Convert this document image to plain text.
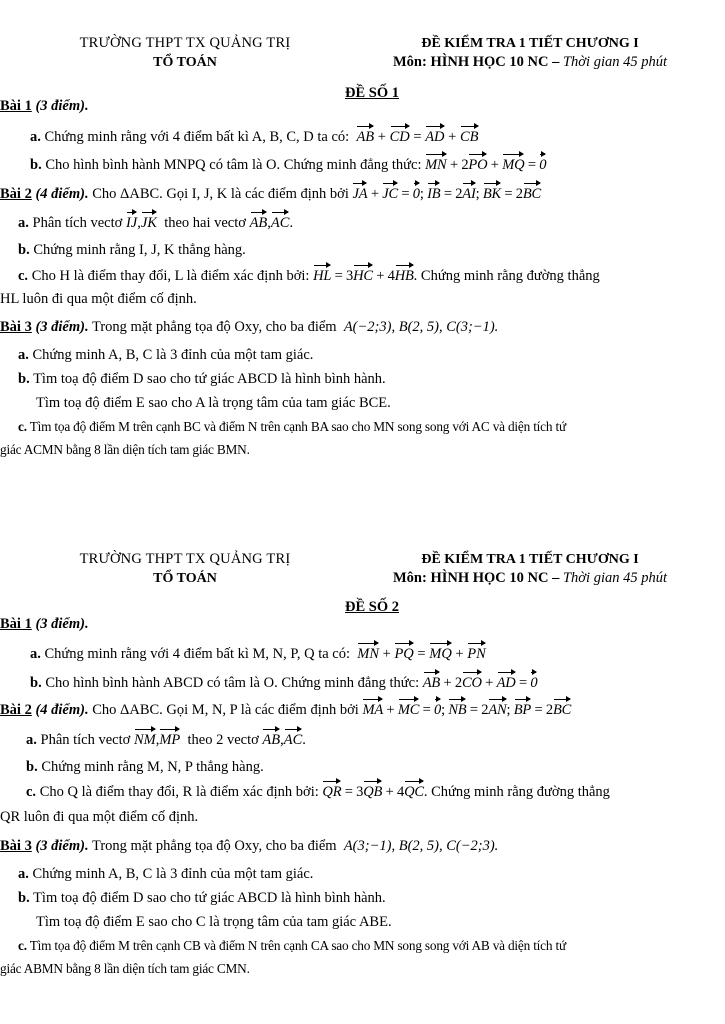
TRƯỜNG THPT TX QUẢNG TRỊ
TỔ TOÁN
ĐỀ KIỂM TRA 1 TIẾT CHƯƠNG I
Môn: HÌNH HỌC 10 NC – Thời gian 45 phút
ĐỀ SỐ 1
Bài 1 (3 điểm).
a. Chứng minh rằng với 4 điểm bất kì A, B, C, D ta có: AB + CD = AD + CB
b. Cho hình bình hành MNPQ có tâm là O. Chứng minh đẳng thức: MN + 2PO + MQ = 0
Bài 2 (4 điểm). Cho ΔABC. Gọi I, J, K là các điểm định bởi JA + JC = 0; IB = 2AI; BK = 2BC
a. Phân tích vectơ IJ,JK theo hai vectơ AB,AC.
b. Chứng minh rằng I, J, K thẳng hàng.
c. Cho H là điểm thay đổi, L là điểm xác định bởi: HL = 3HC + 4HB. Chứng minh rằng đường thẳng
HL luôn đi qua một điểm cố định.
Bài 3 (3 điểm). Trong mặt phẳng tọa độ Oxy, cho ba điểm A(−2;3), B(2, 5), C(3;−1).
a. Chứng minh A, B, C là 3 đỉnh của một tam giác.
b. Tìm toạ độ điểm D sao cho tứ giác ABCD là hình bình hành.
Tìm toạ độ điểm E sao cho A là trọng tâm của tam giác BCE.
c. Tìm tọa độ điểm M trên cạnh BC và điểm N trên cạnh BA sao cho MN song song với AC và diện tích tứ
giác ACMN bằng 8 lần diện tích tam giác BMN.
TRƯỜNG THPT TX QUẢNG TRỊ
TỔ TOÁN
ĐỀ KIỂM TRA 1 TIẾT CHƯƠNG I
Môn: HÌNH HỌC 10 NC – Thời gian 45 phút
ĐỀ SỐ 2
Bài 1 (3 điểm).
a. Chứng minh rằng với 4 điểm bất kì M, N, P, Q ta có: MN + PQ = MQ + PN
b. Cho hình bình hành ABCD có tâm là O. Chứng minh đẳng thức: AB + 2CO + AD = 0
Bài 2 (4 điểm). Cho ΔABC. Gọi M, N, P là các điểm định bởi MA + MC = 0; NB = 2AN; BP = 2BC
a. Phân tích vectơ NM,MP theo 2 vectơ AB,AC.
b. Chứng minh rằng M, N, P thẳng hàng.
c. Cho Q là điểm thay đổi, R là điểm xác định bởi: QR = 3QB + 4QC. Chứng minh rằng đường thẳng
QR luôn đi qua một điểm cố định.
Bài 3 (3 điểm). Trong mặt phẳng tọa độ Oxy, cho ba điểm A(3;−1), B(2, 5), C(−2;3).
a. Chứng minh A, B, C là 3 đỉnh của một tam giác.
b. Tìm toạ độ điểm D sao cho tứ giác ABCD là hình bình hành.
Tìm toạ độ điểm E sao cho C là trọng tâm của tam giác ABE.
c. Tìm tọa độ điểm M trên cạnh CB và điểm N trên cạnh CA sao cho MN song song với AB và diện tích tứ
giác ABMN bằng 8 lần diện tích tam giác CMN.
